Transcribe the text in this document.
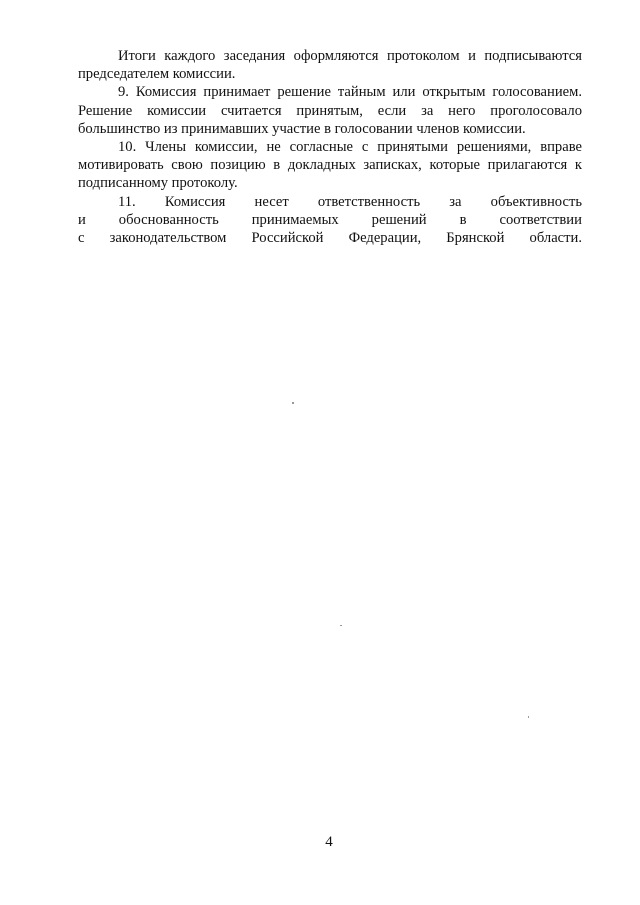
Итоги каждого заседания оформляются протоколом и подписываются председателем комиссии.

9. Комиссия принимает решение тайным или открытым голосованием. Решение комиссии считается принятым, если за него проголосовало большинство из принимавших участие в голосовании членов комиссии.

10. Члены комиссии, не согласные с принятыми решениями, вправе мотивировать свою позицию в докладных записках, которые прилагаются к подписанному протоколу.

11. Комиссия несет ответственность за объективность
и обоснованность принимаемых решений в соответствии
с законодательством Российской Федерации, Брянской области.
4
